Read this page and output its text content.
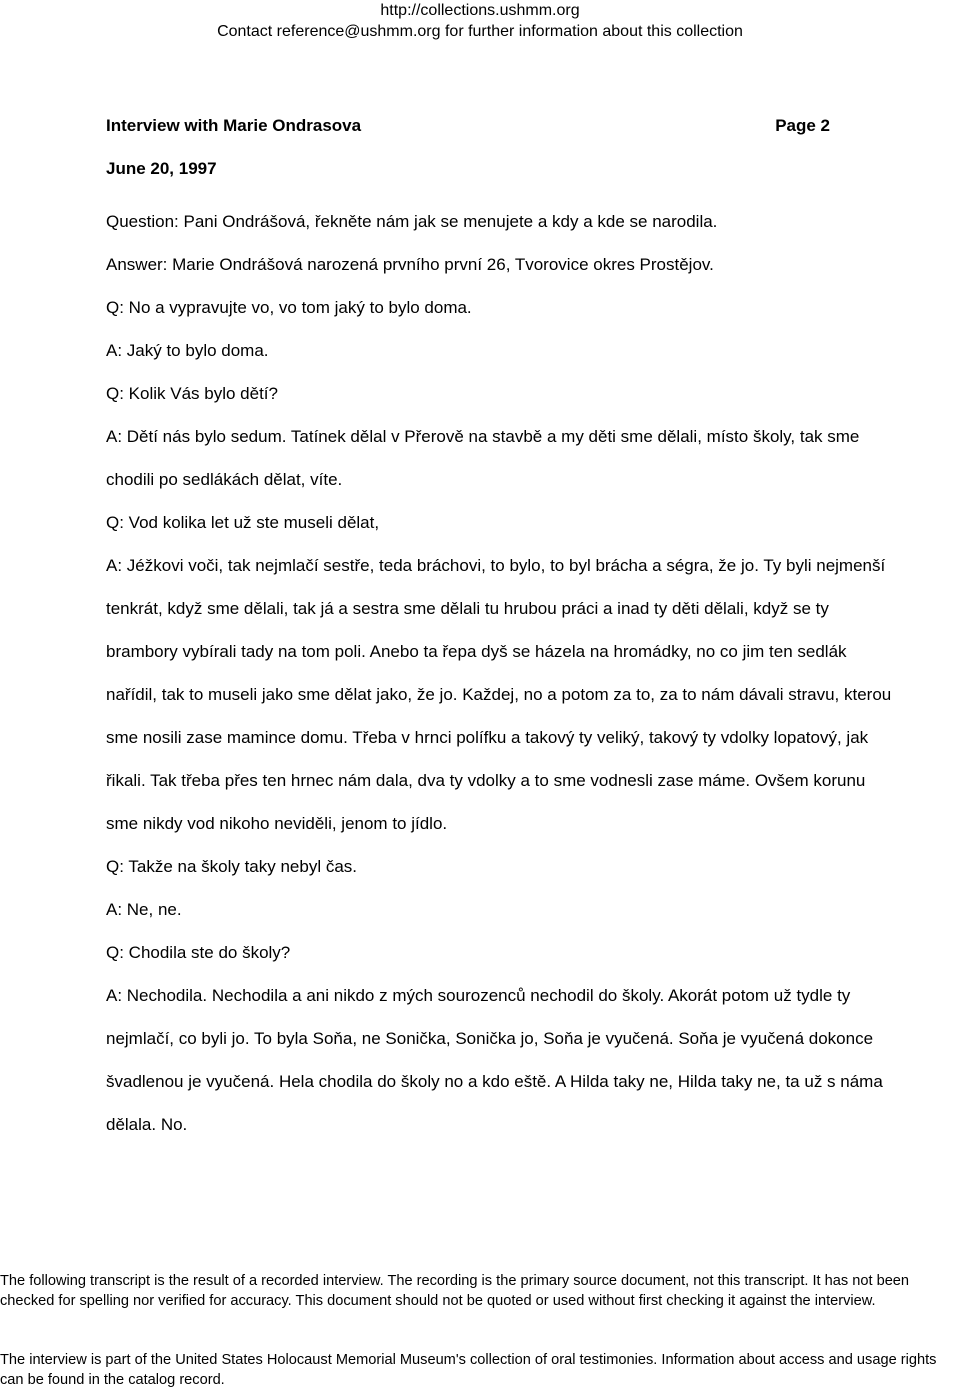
http://collections.ushmm.org
Contact reference@ushmm.org for further information about this collection
Interview with Marie Ondrasova	Page 2
June 20, 1997

Question: Pani Ondrášová, řekněte nám jak se menujete a kdy a kde se narodila.

Answer: Marie Ondrášová narozená prvního první 26, Tvorovice okres Prostějov.

Q: No a vypravujte vo, vo tom jaký to bylo doma.

A: Jaký to bylo doma.

Q: Kolik Vás bylo dětí?

A: Dětí nás bylo sedum. Tatínek dělal v Přerově na stavbě a my děti sme dělali, místo školy, tak sme chodili po sedlákách dělat, víte.

Q: Vod kolika let už ste museli dělat,

A: Jéžkovi voči, tak nejmlačí sestře, teda bráchovi, to bylo, to byl brácha a ségra, že jo. Ty byli nejmenší tenkrát, když sme dělali, tak já a sestra sme dělali tu hrubou práci a inad ty děti dělali, když se ty brambory vybírali tady na tom poli. Anebo ta řepa dyš se házela na hromádky, no co jim ten sedlák nařídil, tak to museli jako sme dělat jako, že jo. Každej, no a potom za to, za to nám dávali stravu, kterou sme nosili zase mamince domu. Třeba v hrnci polífku a takový ty veliký, takový ty vdolky lopatový, jak řikali. Tak třeba přes ten hrnec nám dala, dva ty vdolky a to sme vodnesli zase máme. Ovšem korunu sme nikdy vod nikoho neviděli, jenom to jídlo.

Q: Takže na školy taky nebyl čas.

A: Ne, ne.

Q: Chodila ste do školy?

A: Nechodila. Nechodila a ani nikdo z mých sourozenců nechodil do školy. Akorát potom už tydle ty nejmlačí, co byli jo. To byla Soňa, ne Sonička, Sonička jo, Soňa je vyučená. Soňa je vyučená dokonce švadlenou je vyučená. Hela chodila do školy no a kdo eště. A Hilda taky ne, Hilda taky ne, ta už s náma dělala. No.

The following transcript is the result of a recorded interview. The recording is the primary source document, not this transcript. It has not been checked for spelling nor verified for accuracy. This document should not be quoted or used without first checking it against the interview.
The interview is part of the United States Holocaust Memorial Museum's collection of oral testimonies. Information about access and usage rights can be found in the catalog record.
